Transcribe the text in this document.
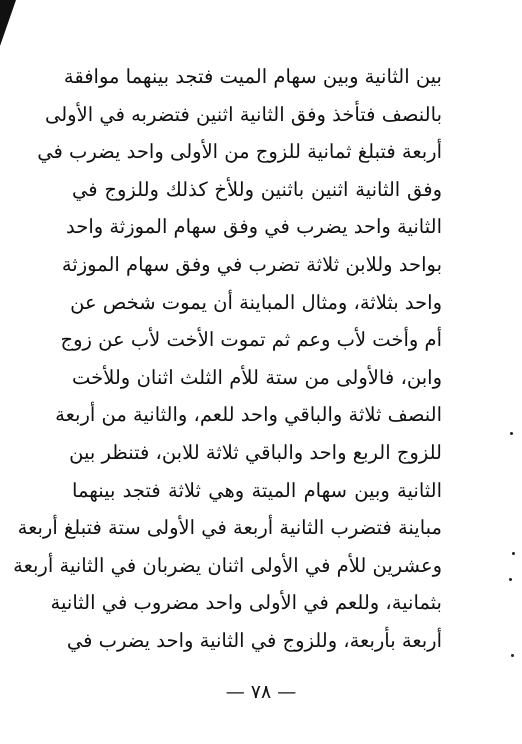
بين الثانية وبين سهام الميت فتجد بينهما موافقة
بالنصف فتأخذ وفق الثانية اثنين فتضربه في الأولى
أربعة فتبلغ ثمانية للزوج من الأولى واحد يضرب في
وفق الثانية اثنين باثنين وللأخ كذلك وللزوج في
الثانية واحد يضرب في وفق سهام الموزثة واحد
بواحد وللابن ثلاثة تضرب في وفق سهام الموزثة
واحد بثلاثة، ومثال المباينة أن يموت شخص عن
أم وأخت لأب وعم ثم تموت الأخت لأب عن زوج
وابن، فالأولى من ستة للأم الثلث اثنان وللأخت
النصف ثلاثة والباقي واحد للعم، والثانية من أربعة
للزوج الربع واحد والباقي ثلاثة للابن، فتنظر بين
الثانية وبين سهام الميتة وهي ثلاثة فتجد بينهما
مباينة فتضرب الثانية أربعة في الأولى ستة فتبلغ أربعة
وعشرين للأم في الأولى اثنان يضربان في الثانية أربعة
بثمانية، وللعم في الأولى واحد مضروب في الثانية
أربعة بأربعة، وللزوج في الثانية واحد يضرب في
— ٧٨ —
